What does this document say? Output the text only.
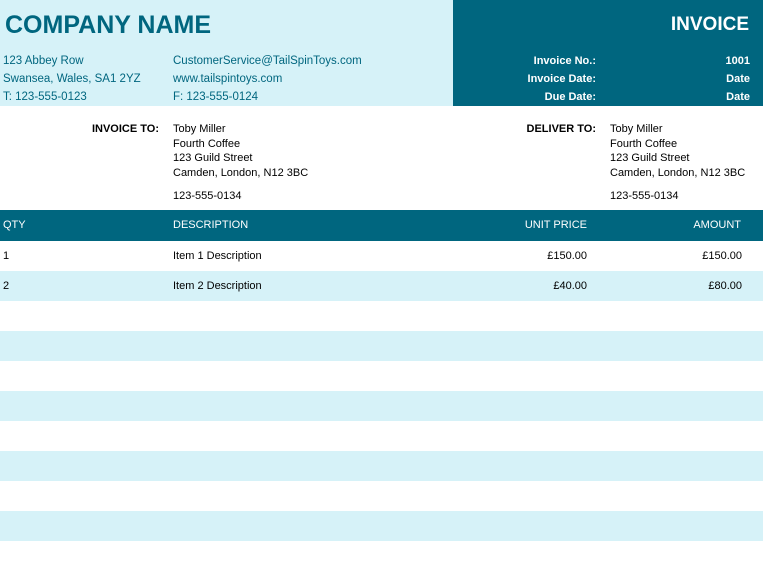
COMPANY NAME
123 Abbey Row
Swansea, Wales, SA1 2YZ
T: 123-555-0123
CustomerService@TailSpinToys.com
www.tailspintoys.com
F: 123-555-0124
INVOICE
Invoice No.:	1001
Invoice Date:	Date
Due Date:	Date
INVOICE TO: Toby Miller
Fourth Coffee
123 Guild Street
Camden, London, N12 3BC
123-555-0134
DELIVER TO: Toby Miller
Fourth Coffee
123 Guild Street
Camden, London, N12 3BC
123-555-0134
QTY	DESCRIPTION	UNIT PRICE	AMOUNT
1	Item 1 Description	£150.00	£150.00
2	Item 2 Description	£40.00	£80.00
